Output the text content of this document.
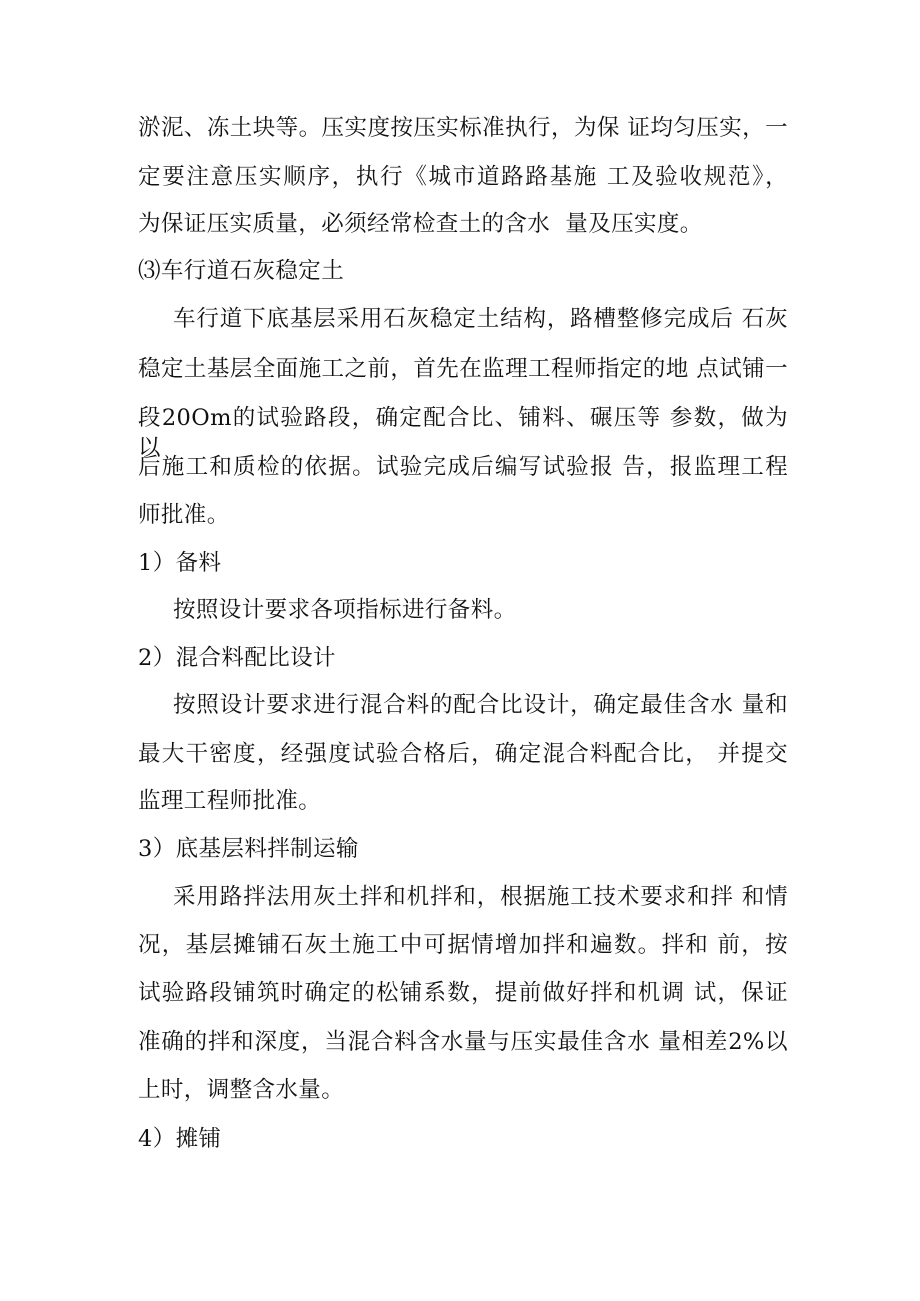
淤泥、冻土块等。压实度按压实标准执行，为保 证均匀压实，一
定要注意压实顺序，执行《城市道路路基施 工及验收规范》，
为保证压实质量，必须经常检查土的含水  量及压实度。
⑶车行道石灰稳定土
车行道下底基层采用石灰稳定土结构，路槽整修完成后 石灰
稳定土基层全面施工之前，首先在监理工程师指定的地 点试铺一
段20Om的试验路段，确定配合比、铺料、碾压等 参数，做为以
后施工和质检的依据。试验完成后编写试验报 告，报监理工程
师批准。
1）备料
按照设计要求各项指标进行备料。
2）混合料配比设计
按照设计要求进行混合料的配合比设计，确定最佳含水 量和
最大干密度，经强度试验合格后，确定混合料配合比， 并提交
监理工程师批准。
3）底基层料拌制运输
采用路拌法用灰土拌和机拌和，根据施工技术要求和拌 和情
况，基层摊铺石灰土施工中可据情增加拌和遍数。拌和 前，按
试验路段铺筑时确定的松铺系数，提前做好拌和机调 试，保证
准确的拌和深度，当混合料含水量与压实最佳含水 量相差2%以
上时，调整含水量。
4）摊铺
